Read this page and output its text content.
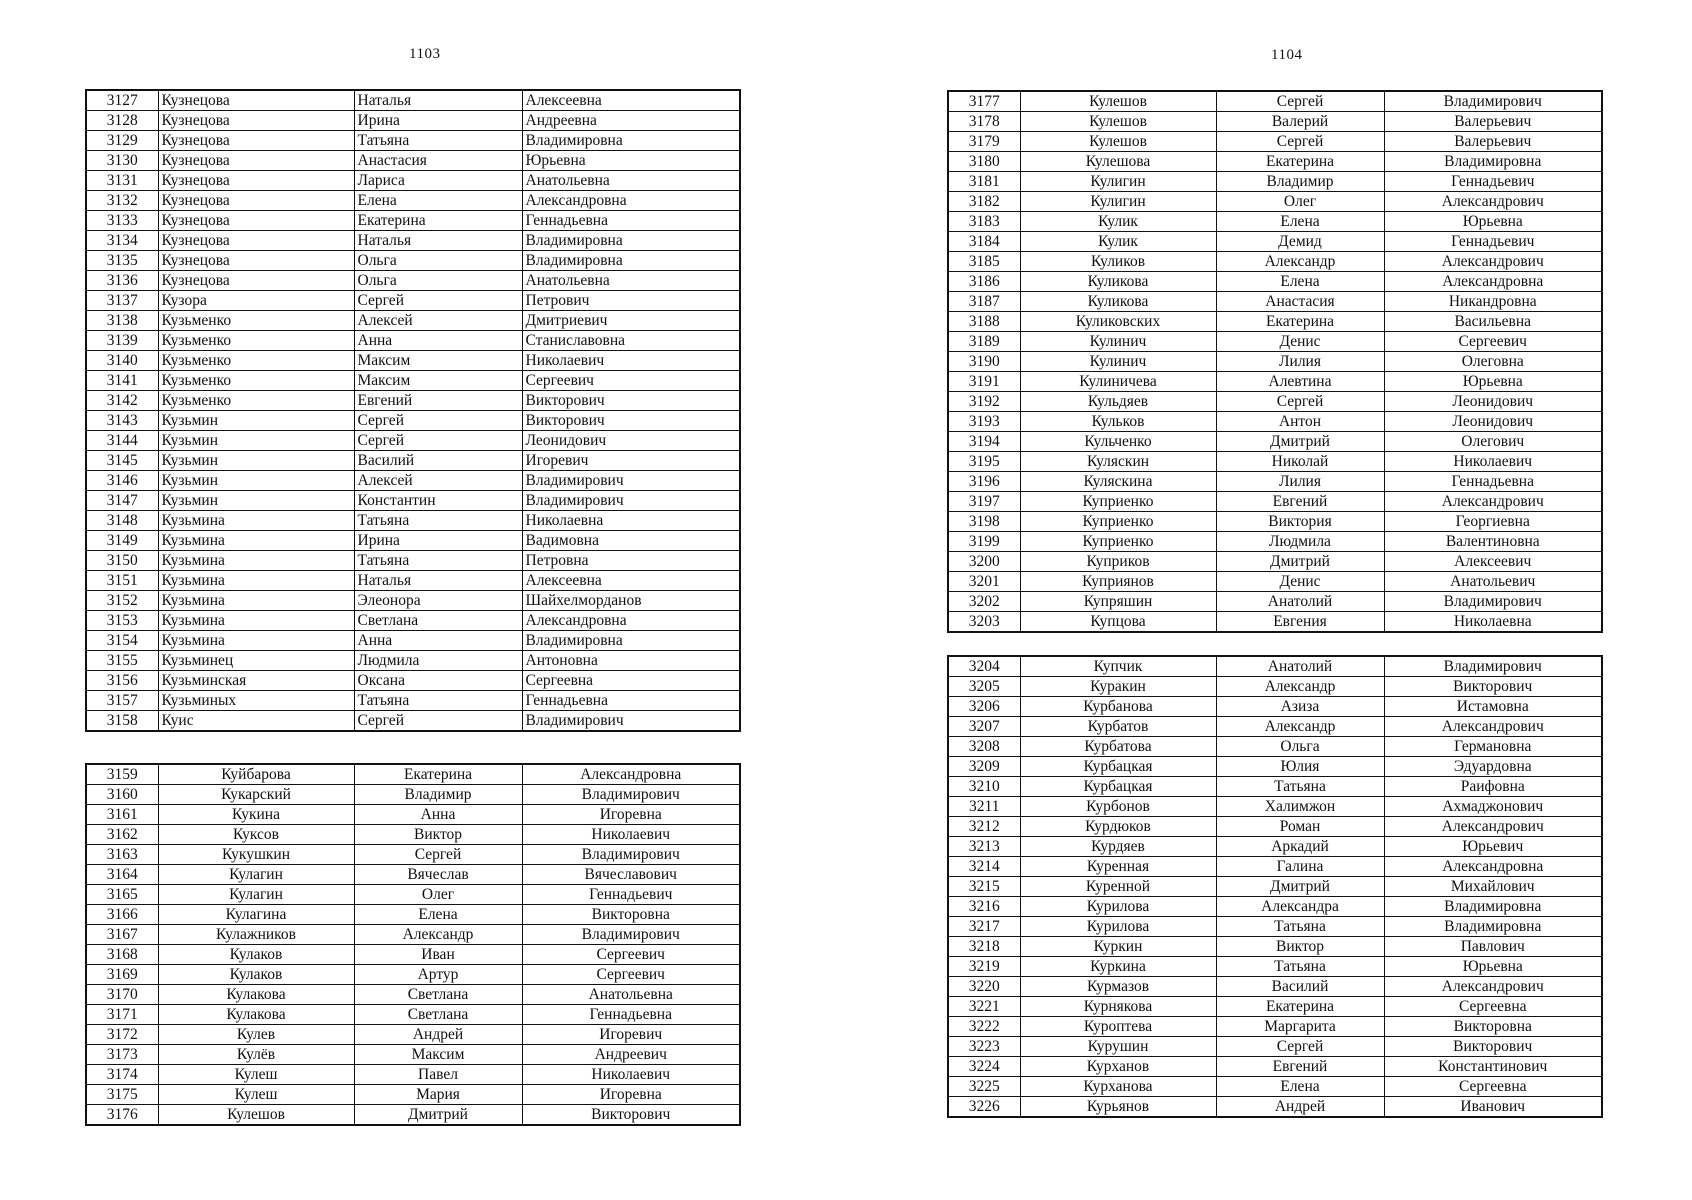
1103	1104
3127	Кузнецова	Наталья	Алексеевна
3128	Кузнецова	Ирина	Андреевна
3129	Кузнецова	Татьяна	Владимировна
3130	Кузнецова	Анастасия	Юрьевна
3131	Кузнецова	Лариса	Анатольевна
3132	Кузнецова	Елена	Александровна
3133	Кузнецова	Екатерина	Геннадьевна
3134	Кузнецова	Наталья	Владимировна
3135	Кузнецова	Ольга	Владимировна
3136	Кузнецова	Ольга	Анатольевна
3137	Кузора	Сергей	Петрович
3138	Кузьменко	Алексей	Дмитриевич
3139	Кузьменко	Анна	Станиславовна
3140	Кузьменко	Максим	Николаевич
3141	Кузьменко	Максим	Сергеевич
3142	Кузьменко	Евгений	Викторович
3143	Кузьмин	Сергей	Викторович
3144	Кузьмин	Сергей	Леонидович
3145	Кузьмин	Василий	Игоревич
3146	Кузьмин	Алексей	Владимирович
3147	Кузьмин	Константин	Владимирович
3148	Кузьмина	Татьяна	Николаевна
3149	Кузьмина	Ирина	Вадимовна
3150	Кузьмина	Татьяна	Петровна
3151	Кузьмина	Наталья	Алексеевна
3152	Кузьмина	Элеонора	Шайхелморданов
3153	Кузьмина	Светлана	Александровна
3154	Кузьмина	Анна	Владимировна
3155	Кузьминец	Людмила	Антоновна
3156	Кузьминская	Оксана	Сергеевна
3157	Кузьминых	Татьяна	Геннадьевна
3158	Куис	Сергей	Владимирович
3159	Куйбарова	Екатерина	Александровна
3160	Кукарский	Владимир	Владимирович
3161	Кукина	Анна	Игоревна
3162	Куксов	Виктор	Николаевич
3163	Кукушкин	Сергей	Владимирович
3164	Кулагин	Вячеслав	Вячеславович
3165	Кулагин	Олег	Геннадьевич
3166	Кулагина	Елена	Викторовна
3167	Кулажников	Александр	Владимирович
3168	Кулаков	Иван	Сергеевич
3169	Кулаков	Артур	Сергеевич
3170	Кулакова	Светлана	Анатольевна
3171	Кулакова	Светлана	Геннадьевна
3172	Кулев	Андрей	Игоревич
3173	Кулёв	Максим	Андреевич
3174	Кулеш	Павел	Николаевич
3175	Кулеш	Мария	Игоревна
3176	Кулешов	Дмитрий	Викторович
3177	Кулешов	Сергей	Владимирович
3178	Кулешов	Валерий	Валерьевич
3179	Кулешов	Сергей	Валерьевич
3180	Кулешова	Екатерина	Владимировна
3181	Кулигин	Владимир	Геннадьевич
3182	Кулигин	Олег	Александрович
3183	Кулик	Елена	Юрьевна
3184	Кулик	Демид	Геннадьевич
3185	Куликов	Александр	Александрович
3186	Куликова	Елена	Александровна
3187	Куликова	Анастасия	Никандровна
3188	Куликовских	Екатерина	Васильевна
3189	Кулинич	Денис	Сергеевич
3190	Кулинич	Лилия	Олеговна
3191	Кулиничева	Алевтина	Юрьевна
3192	Кульдяев	Сергей	Леонидович
3193	Кульков	Антон	Леонидович
3194	Кульченко	Дмитрий	Олегович
3195	Куляскин	Николай	Николаевич
3196	Куляскина	Лилия	Геннадьевна
3197	Куприенко	Евгений	Александрович
3198	Куприенко	Виктория	Георгиевна
3199	Куприенко	Людмила	Валентиновна
3200	Куприков	Дмитрий	Алексеевич
3201	Куприянов	Денис	Анатольевич
3202	Купряшин	Анатолий	Владимирович
3203	Купцова	Евгения	Николаевна
3204	Купчик	Анатолий	Владимирович
3205	Куракин	Александр	Викторович
3206	Курбанова	Азиза	Истамовна
3207	Курбатов	Александр	Александрович
3208	Курбатова	Ольга	Германовна
3209	Курбацкая	Юлия	Эдуардовна
3210	Курбацкая	Татьяна	Раифовна
3211	Курбонов	Халимжон	Ахмаджонович
3212	Курдюков	Роман	Александрович
3213	Курдяев	Аркадий	Юрьевич
3214	Куренная	Галина	Александровна
3215	Куренной	Дмитрий	Михайлович
3216	Курилова	Александра	Владимировна
3217	Курилова	Татьяна	Владимировна
3218	Куркин	Виктор	Павлович
3219	Куркина	Татьяна	Юрьевна
3220	Курмазов	Василий	Александрович
3221	Курнякова	Екатерина	Сергеевна
3222	Куроптева	Маргарита	Викторовна
3223	Курушин	Сергей	Викторович
3224	Курханов	Евгений	Константинович
3225	Курханова	Елена	Сергеевна
3226	Курьянов	Андрей	Иванович
